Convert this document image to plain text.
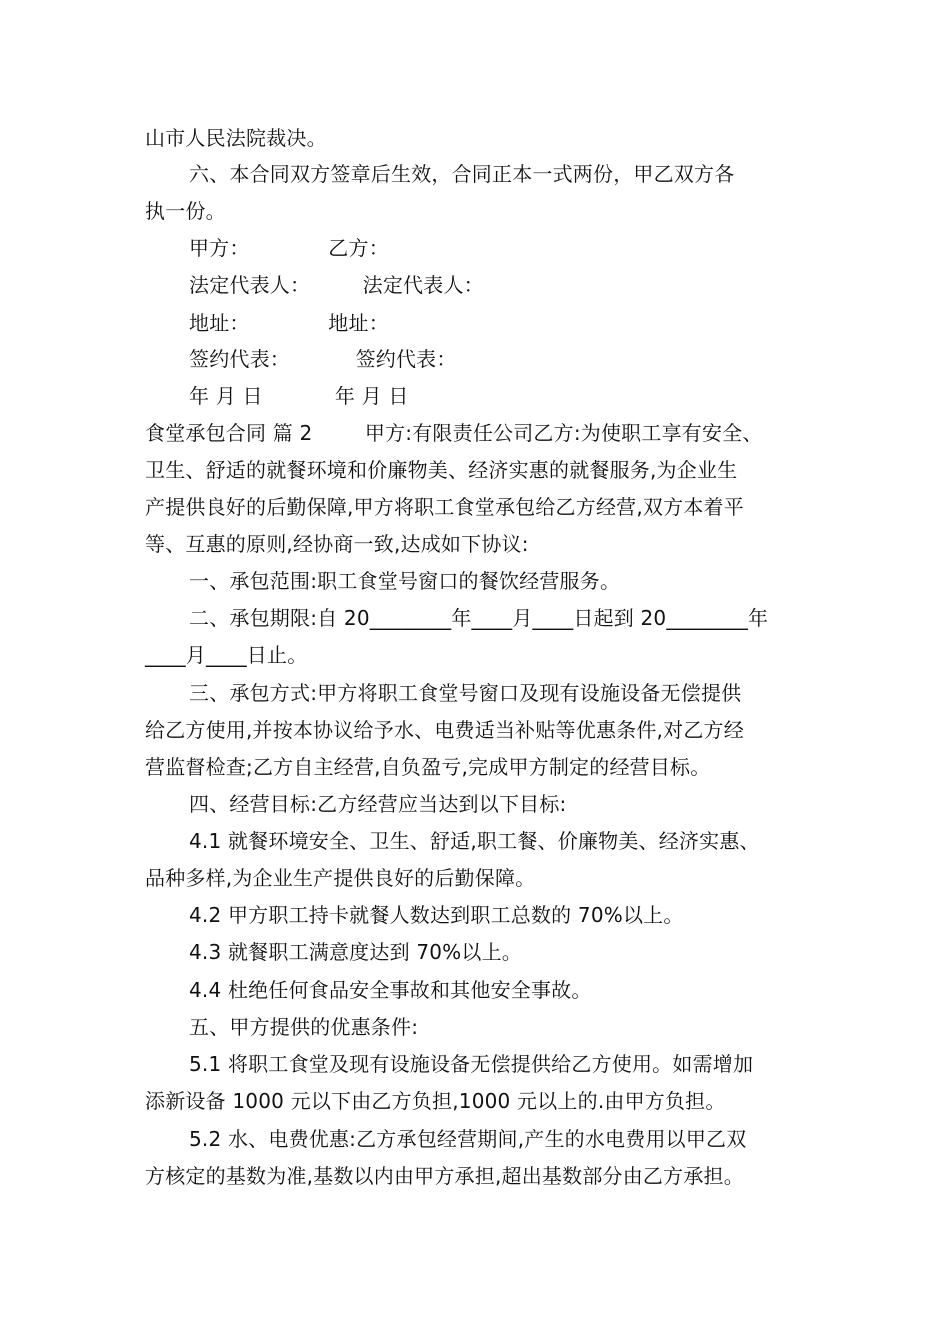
山市人民法院裁决。
六、本合同双方签章后生效，合同正本一式两份，甲乙双方各
执一份。
甲方：            乙方：
法定代表人：        法定代表人：
地址：            地址：
签约代表：          签约代表：
年 月 日           年 月 日
食堂承包合同 篇 2        甲方:有限责任公司乙方:为使职工享有安全、
卫生、舒适的就餐环境和价廉物美、经济实惠的就餐服务,为企业生
产提供良好的后勤保障,甲方将职工食堂承包给乙方经营,双方本着平
等、互惠的原则,经协商一致,达成如下协议:
一、承包范围:职工食堂号窗口的餐饮经营服务。
二、承包期限:自 20________年____月____日起到 20________年
____月____日止。
三、承包方式:甲方将职工食堂号窗口及现有设施设备无偿提供
给乙方使用,并按本协议给予水、电费适当补贴等优惠条件,对乙方经
营监督检查;乙方自主经营,自负盈亏,完成甲方制定的经营目标。
四、经营目标:乙方经营应当达到以下目标:
4.1 就餐环境安全、卫生、舒适,职工餐、价廉物美、经济实惠、
品种多样,为企业生产提供良好的后勤保障。
4.2 甲方职工持卡就餐人数达到职工总数的 70%以上。
4.3 就餐职工满意度达到 70%以上。
4.4 杜绝任何食品安全事故和其他安全事故。
五、甲方提供的优惠条件:
5.1 将职工食堂及现有设施设备无偿提供给乙方使用。如需增加
添新设备 1000 元以下由乙方负担,1000 元以上的.由甲方负担。
5.2 水、电费优惠:乙方承包经营期间,产生的水电费用以甲乙双
方核定的基数为准,基数以内由甲方承担,超出基数部分由乙方承担。
